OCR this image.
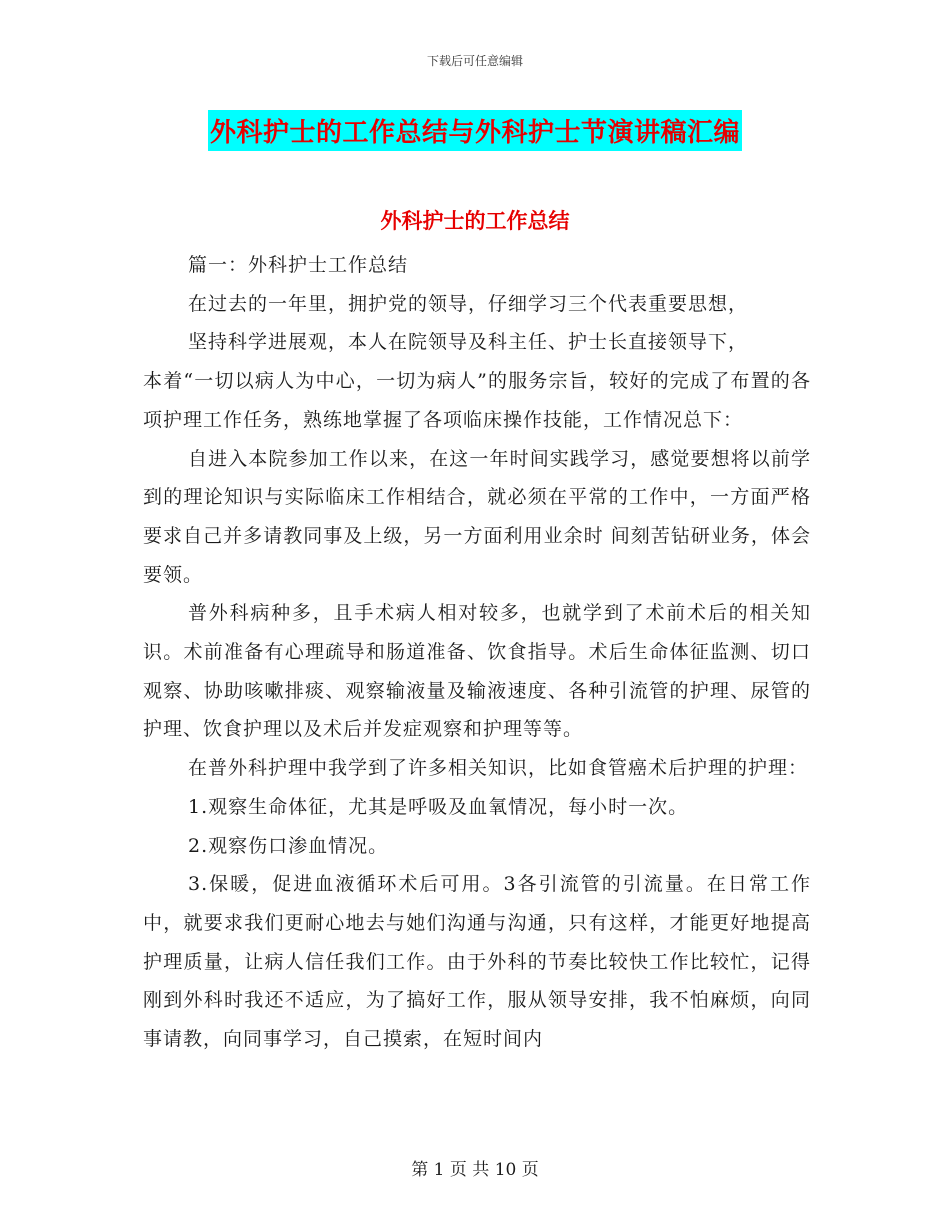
下载后可任意编辑
外科护士的工作总结与外科护士节演讲稿汇编
外科护士的工作总结

篇一：外科护士工作总结

在过去的一年里，拥护党的领导，仔细学习三个代表重要思想，

坚持科学进展观，本人在院领导及科主任、护士长直接领导下，

本着“一切以病人为中心，一切为病人”的服务宗旨，较好的完成了布置的各项护理工作任务，熟练地掌握了各项临床操作技能，工作情况总下：

自进入本院参加工作以来，在这一年时间实践学习，感觉要想将以前学到的理论知识与实际临床工作相结合，就必须在平常的工作中，一方面严格要求自己并多请教同事及上级，另一方面利用业余时 间刻苦钻研业务，体会要领。

普外科病种多，且手术病人相对较多，也就学到了术前术后的相关知识。术前准备有心理疏导和肠道准备、饮食指导。术后生命体征监测、切口观察、协助咳嗽排痰、观察输液量及输液速度、各种引流管的护理、尿管的护理、饮食护理以及术后并发症观察和护理等等。

在普外科护理中我学到了许多相关知识，比如食管癌术后护理的护理：

1.观察生命体征，尤其是呼吸及血氧情况，每小时一次。

2.观察伤口渗血情况。

3.保暖，促进血液循环术后可用。3各引流管的引流量。在日常工作中，就要求我们更耐心地去与她们沟通与沟通，只有这样，才能更好地提高护理质量，让病人信任我们工作。由于外科的节奏比较快工作比较忙，记得刚到外科时我还不适应，为了搞好工作，服从领导安排，我不怕麻烦，向同事请教，向同事学习，自己摸索，在短时间内

第 1 页 共 10 页
